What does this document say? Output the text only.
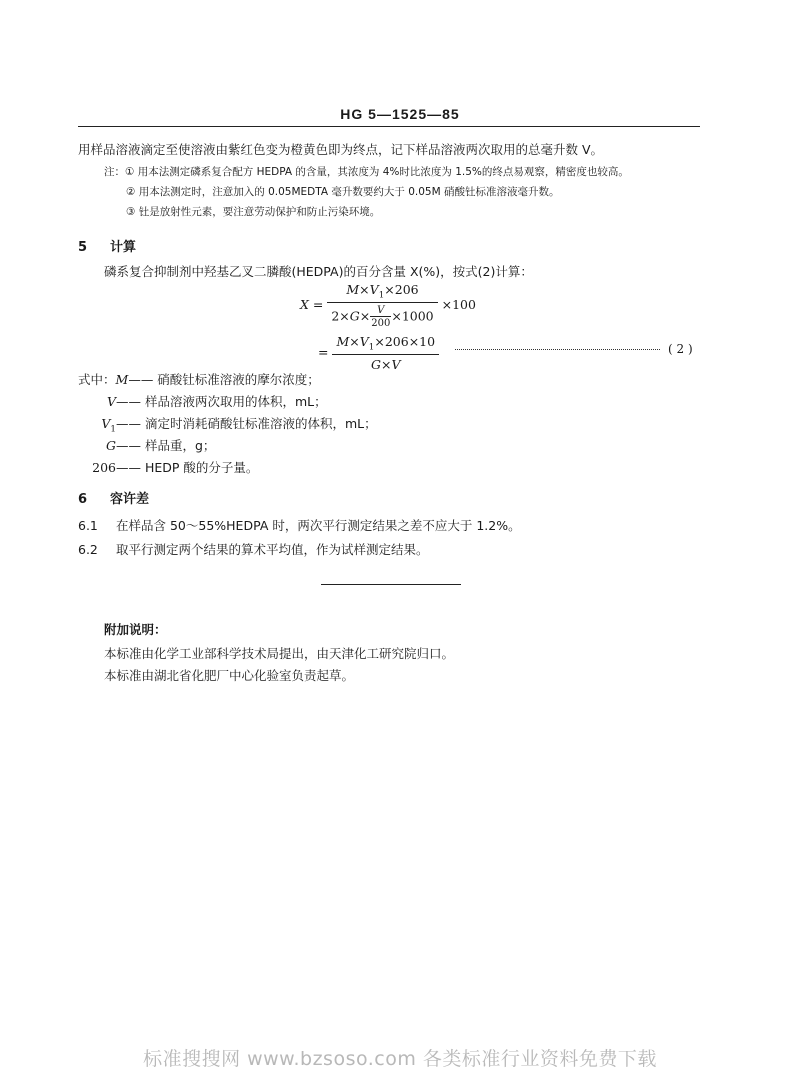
HG 5—1525—85
用样品溶液滴定至使溶液由紫红色变为橙黄色即为终点，记下样品溶液两次取用的总毫升数 V。
注：① 用本法测定磷系复合配方 HEDPA 的含量，其浓度为 4%时比浓度为 1.5%的终点易观察，精密度也较高。
② 用本法测定时，注意加入的 0.05MEDTA 毫升数要约大于 0.05M 硝酸钍标准溶液毫升数。
③ 钍是放射性元素，要注意劳动保护和防止污染环境。
5 计算
磷系复合抑制剂中羟基乙叉二膦酸(HEDPA)的百分含量 X(%)，按式(2)计算：
$X = \frac{M\times V_1\times 206}{2\times G\times \frac{V}{200} \times 1000} \times 100$
= $\frac{M\times V_1\times 206\times 10}{G\times V}$	( 2 )
式中：M—— 硝酸钍标准溶液的摩尔浓度；
V—— 样品溶液两次取用的体积，mL；
$V_1——$ 滴定时消耗硝酸钍标准溶液的体积，mL；
G—— 样品重，g；
206—— HEDP 酸的分子量。
6 容许差
6.1 在样品含 50～55%HEDPA 时，两次平行测定结果之差不应大于 1.2%。
6.2 取平行测定两个结果的算术平均值，作为试样测定结果。
附加说明：
本标准由化学工业部科学技术局提出，由天津化工研究院归口。
本标准由湖北省化肥厂中心化验室负责起草。
标准搜搜网 www.bzsoso.com 各类标准行业资料免费下载
